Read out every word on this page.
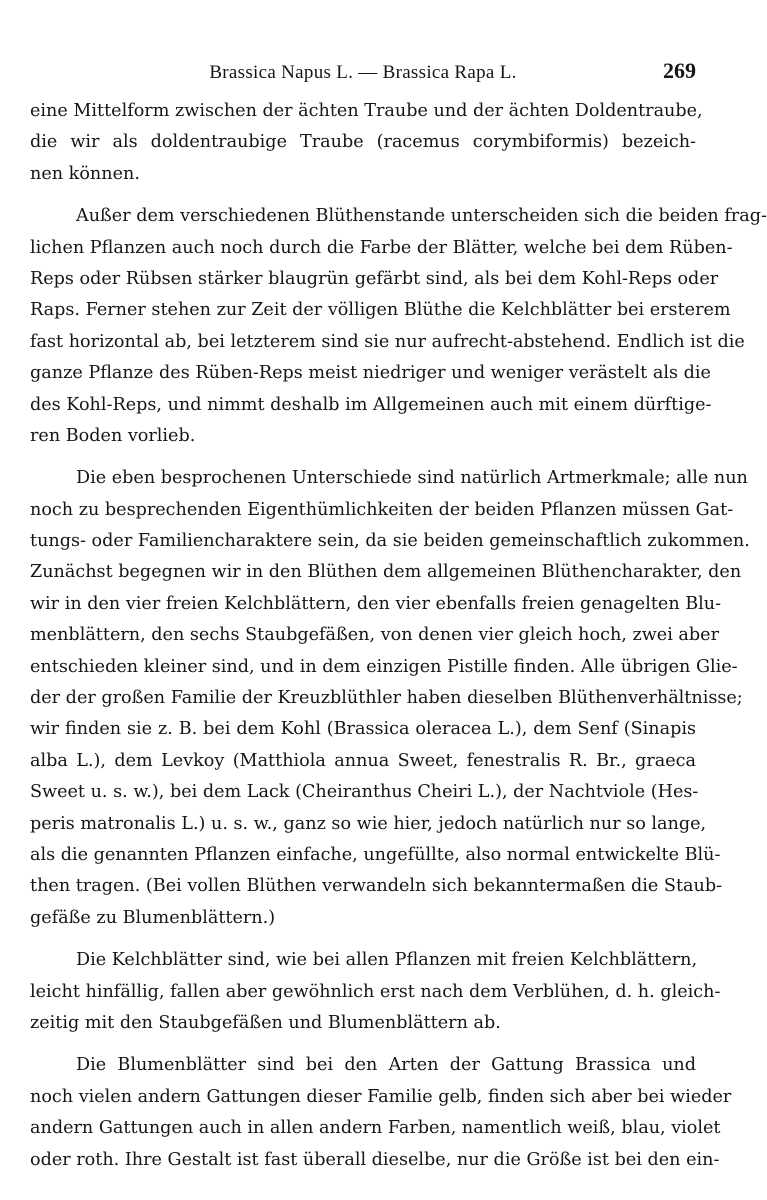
Brassica Napus L. — Brassica Rapa L.	269
eine Mittelform zwischen der ächten Traube und der ächten Doldentraube,
die wir als doldentraubige Traube (racemus corymbiformis) bezeich-
nen können.
Außer dem verschiedenen Blüthenstande unterscheiden sich die beiden frag-
lichen Pflanzen auch noch durch die Farbe der Blätter, welche bei dem Rüben-
Reps oder Rübsen stärker blaugrün gefärbt sind, als bei dem Kohl-Reps oder
Raps. Ferner stehen zur Zeit der völligen Blüthe die Kelchblätter bei ersterem
fast horizontal ab, bei letzterem sind sie nur aufrecht-abstehend. Endlich ist die
ganze Pflanze des Rüben-Reps meist niedriger und weniger verästelt als die
des Kohl-Reps, und nimmt deshalb im Allgemeinen auch mit einem dürftige-
ren Boden vorlieb.
Die eben besprochenen Unterschiede sind natürlich Artmerkmale; alle nun
noch zu besprechenden Eigenthümlichkeiten der beiden Pflanzen müssen Gat-
tungs- oder Familiencharaktere sein, da sie beiden gemeinschaftlich zukommen.
Zunächst begegnen wir in den Blüthen dem allgemeinen Blüthencharakter, den
wir in den vier freien Kelchblättern, den vier ebenfalls freien genagelten Blu-
menblättern, den sechs Staubgefäßen, von denen vier gleich hoch, zwei aber
entschieden kleiner sind, und in dem einzigen Pistille finden. Alle übrigen Glie-
der der großen Familie der Kreuzblüthler haben dieselben Blüthenverhältnisse;
wir finden sie z. B. bei dem Kohl (Brassica oleracea L.), dem Senf (Sinapis
alba L.), dem Levkoy (Matthiola annua Sweet, fenestralis R. Br., graeca
Sweet u. s. w.), bei dem Lack (Cheiranthus Cheiri L.), der Nachtviole (Hes-
peris matronalis L.) u. s. w., ganz so wie hier, jedoch natürlich nur so lange,
als die genannten Pflanzen einfache, ungefüllte, also normal entwickelte Blü-
then tragen. (Bei vollen Blüthen verwandeln sich bekanntermaßen die Staub-
gefäße zu Blumenblättern.)
Die Kelchblätter sind, wie bei allen Pflanzen mit freien Kelchblättern,
leicht hinfällig, fallen aber gewöhnlich erst nach dem Verblühen, d. h. gleich-
zeitig mit den Staubgefäßen und Blumenblättern ab.
Die Blumenblätter sind bei den Arten der Gattung Brassica und
noch vielen andern Gattungen dieser Familie gelb, finden sich aber bei wieder
andern Gattungen auch in allen andern Farben, namentlich weiß, blau, violet
oder roth. Ihre Gestalt ist fast überall dieselbe, nur die Größe ist bei den ein-
